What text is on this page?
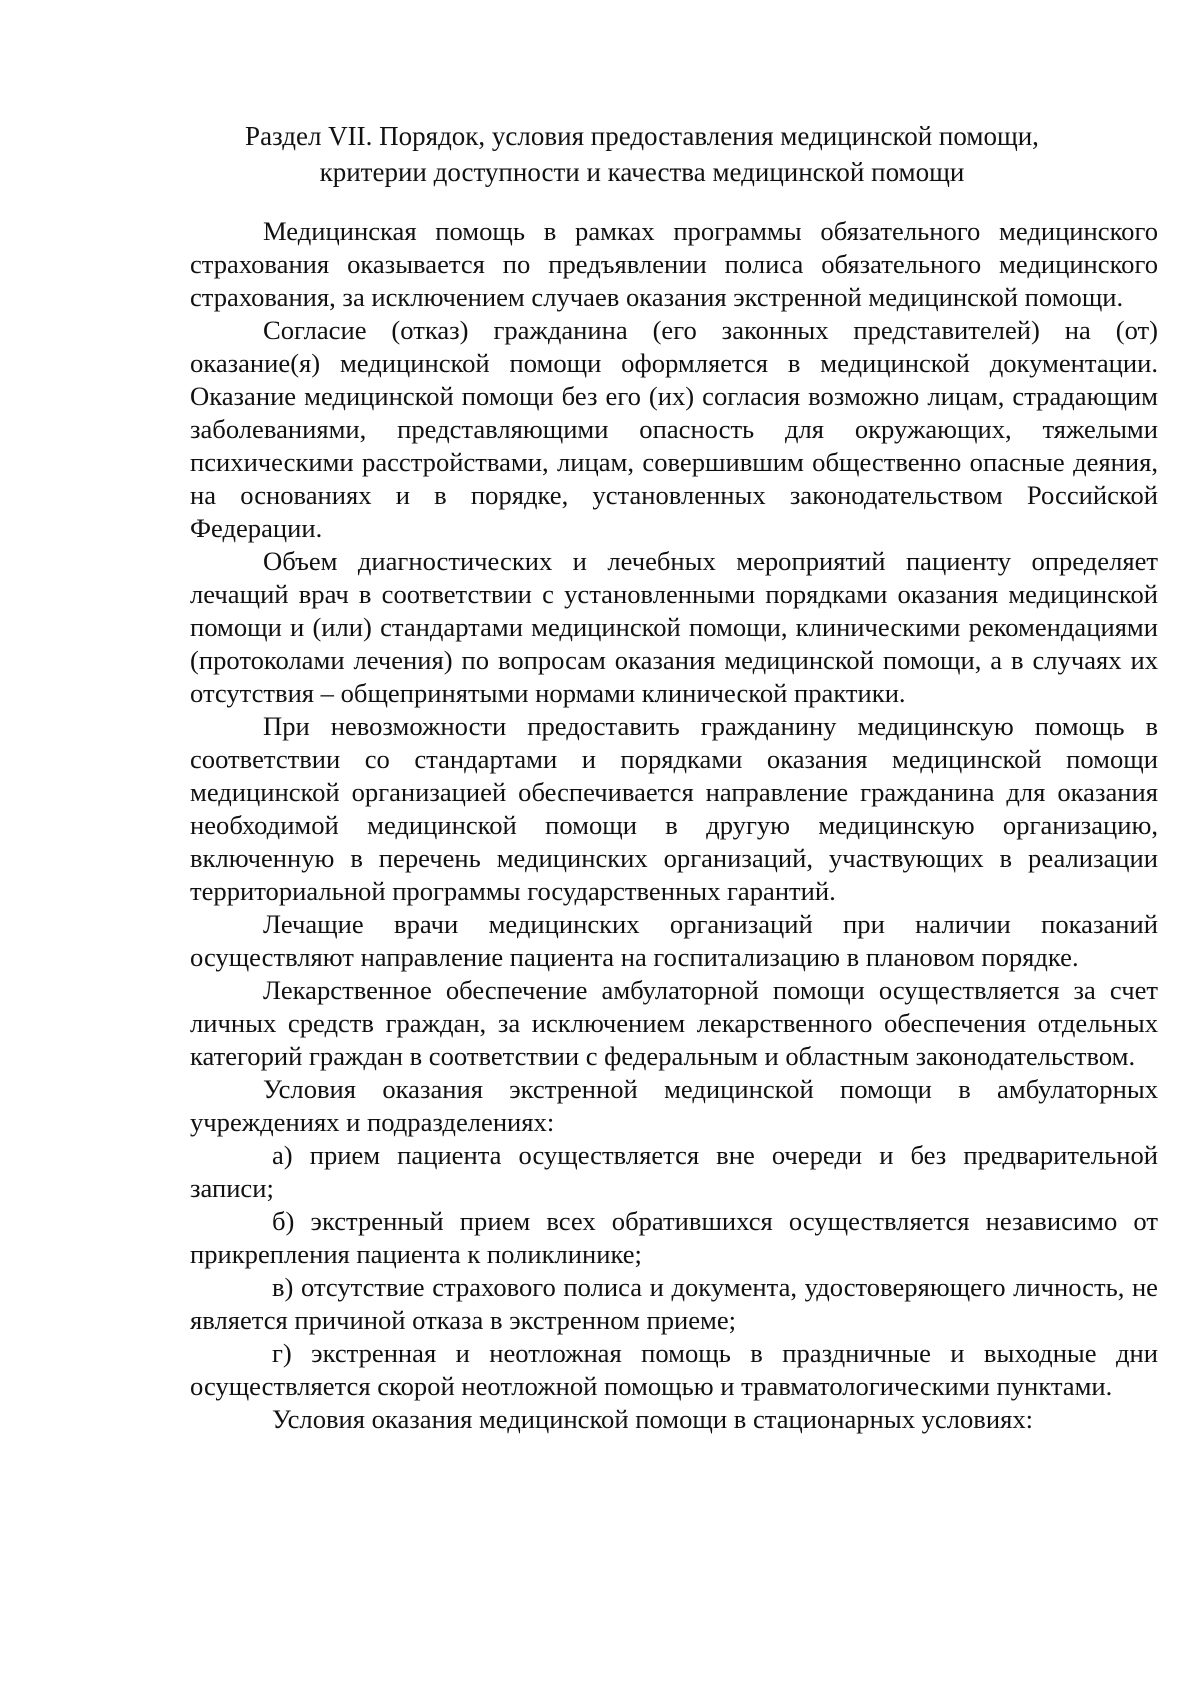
Раздел VII. Порядок, условия предоставления медицинской помощи, критерии доступности и качества медицинской помощи

Медицинская помощь в рамках программы обязательного медицинского страхования оказывается по предъявлении полиса обязательного медицинского страхования, за исключением случаев оказания экстренной медицинской помощи.

Согласие (отказ) гражданина (его законных представителей) на (от) оказание(я) медицинской помощи оформляется в медицинской документации. Оказание медицинской помощи без его (их) согласия возможно лицам, страдающим заболеваниями, представляющими опасность для окружающих, тяжелыми психическими расстройствами, лицам, совершившим общественно опасные деяния, на основаниях и в порядке, установленных законодательством Российской Федерации.

Объем диагностических и лечебных мероприятий пациенту определяет лечащий врач в соответствии с установленными порядками оказания медицинской помощи и (или) стандартами медицинской помощи, клиническими рекомендациями (протоколами лечения) по вопросам оказания медицинской помощи, а в случаях их отсутствия – общепринятыми нормами клинической практики.

При невозможности предоставить гражданину медицинскую помощь в соответствии со стандартами и порядками оказания медицинской помощи медицинской организацией обеспечивается направление гражданина для оказания необходимой медицинской помощи в другую медицинскую организацию, включенную в перечень медицинских организаций, участвующих в реализации территориальной программы государственных гарантий.

Лечащие врачи медицинских организаций при наличии показаний осуществляют направление пациента на госпитализацию в плановом порядке.

Лекарственное обеспечение амбулаторной помощи осуществляется за счет личных средств граждан, за исключением лекарственного обеспечения отдельных категорий граждан в соответствии с федеральным и областным законодательством.

Условия оказания экстренной медицинской помощи в амбулаторных учреждениях и подразделениях:

а) прием пациента осуществляется вне очереди и без предварительной записи;

б) экстренный прием всех обратившихся осуществляется независимо от прикрепления пациента к поликлинике;

в) отсутствие страхового полиса и документа, удостоверяющего личность, не является причиной отказа в экстренном приеме;

г) экстренная и неотложная помощь в праздничные и выходные дни осуществляется скорой неотложной помощью и травматологическими пунктами.

Условия оказания медицинской помощи в стационарных условиях:
